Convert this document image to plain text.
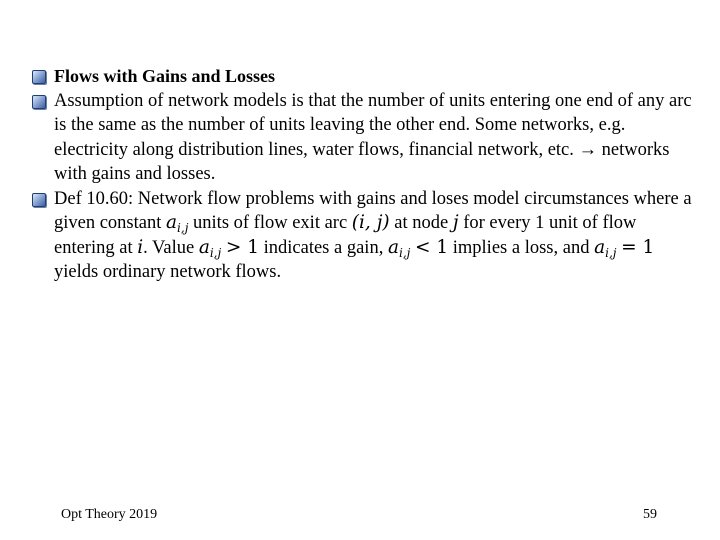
Flows with Gains and Losses
Assumption of network models is that the number of units entering one end of any arc is the same as the number of units leaving the other end. Some networks, e.g. electricity along distribution lines, water flows, financial network, etc. → networks with gains and losses.
Def 10.60: Network flow problems with gains and loses model circumstances where a given constant $a_{i,j}$ units of flow exit arc (i, j) at node j for every 1 unit of flow entering at i. Value $a_{i,j} > 1$ indicates a gain, $a_{i,j} < 1$ implies a loss, and $a_{i,j} = 1$ yields ordinary network flows.
Opt Theory 2019	59
